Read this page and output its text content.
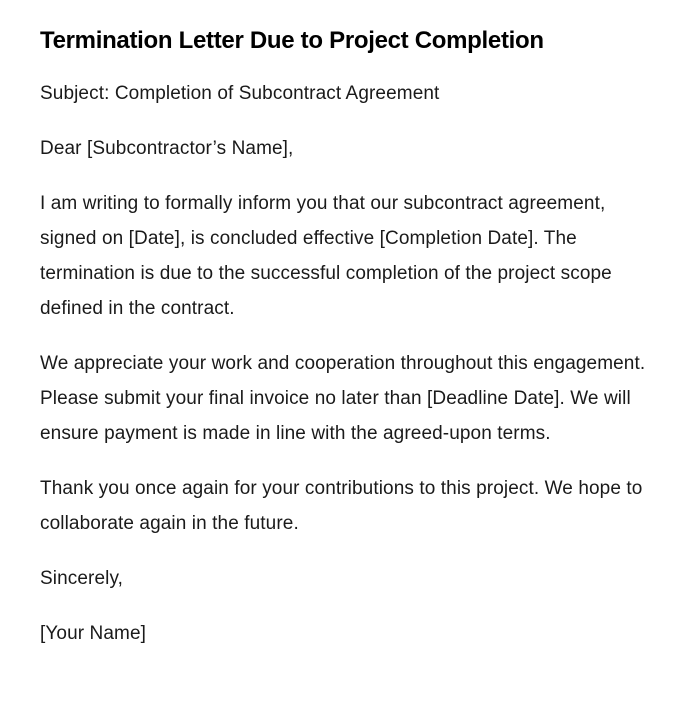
Termination Letter Due to Project Completion

Subject: Completion of Subcontract Agreement

Dear [Subcontractor’s Name],

I am writing to formally inform you that our subcontract agreement, signed on [Date], is concluded effective [Completion Date]. The termination is due to the successful completion of the project scope defined in the contract.

We appreciate your work and cooperation throughout this engagement. Please submit your final invoice no later than [Deadline Date]. We will ensure payment is made in line with the agreed-upon terms.

Thank you once again for your contributions to this project. We hope to collaborate again in the future.

Sincerely,

[Your Name]
